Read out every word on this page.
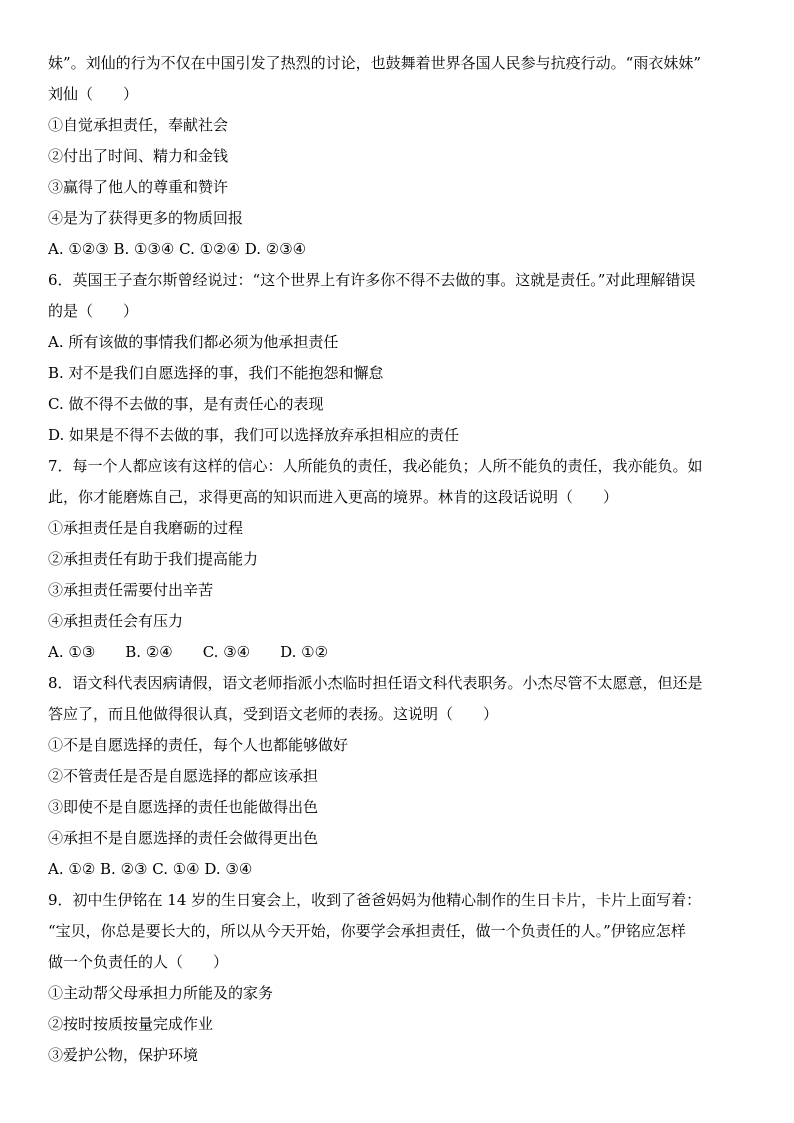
妹”。刘仙的行为不仅在中国引发了热烈的讨论，也鼓舞着世界各国人民参与抗疫行动。“雨衣妹妹”
刘仙（　　）
①自觉承担责任，奉献社会
②付出了时间、精力和金钱
③赢得了他人的尊重和赞许
④是为了获得更多的物质回报
A. ①②③ B. ①③④ C. ①②④ D. ②③④
6．英国王子查尔斯曾经说过：“这个世界上有许多你不得不去做的事。这就是责任。”对此理解错误
的是（　　）
A. 所有该做的事情我们都必须为他承担责任
B. 对不是我们自愿选择的事，我们不能抱怨和懈怠
C. 做不得不去做的事，是有责任心的表现
D. 如果是不得不去做的事，我们可以选择放弃承担相应的责任
7．每一个人都应该有这样的信心：人所能负的责任，我必能负；人所不能负的责任，我亦能负。如
此，你才能磨炼自己，求得更高的知识而进入更高的境界。林肯的这段话说明（　　）
①承担责任是自我磨砺的过程
②承担责任有助于我们提高能力
③承担责任需要付出辛苦
④承担责任会有压力
A. ①③　　B. ②④　　C. ③④　　D. ①②
8．语文科代表因病请假，语文老师指派小杰临时担任语文科代表职务。小杰尽管不太愿意，但还是
答应了，而且他做得很认真，受到语文老师的表扬。这说明（　　）
①不是自愿选择的责任，每个人也都能够做好
②不管责任是否是自愿选择的都应该承担
③即使不是自愿选择的责任也能做得出色
④承担不是自愿选择的责任会做得更出色
A. ①② B. ②③ C. ①④ D. ③④
9．初中生伊铭在 14 岁的生日宴会上，收到了爸爸妈妈为他精心制作的生日卡片，卡片上面写着：
“宝贝，你总是要长大的，所以从今天开始，你要学会承担责任，做一个负责任的人。”伊铭应怎样
做一个负责任的人（　　）
①主动帮父母承担力所能及的家务
②按时按质按量完成作业
③爱护公物，保护环境
